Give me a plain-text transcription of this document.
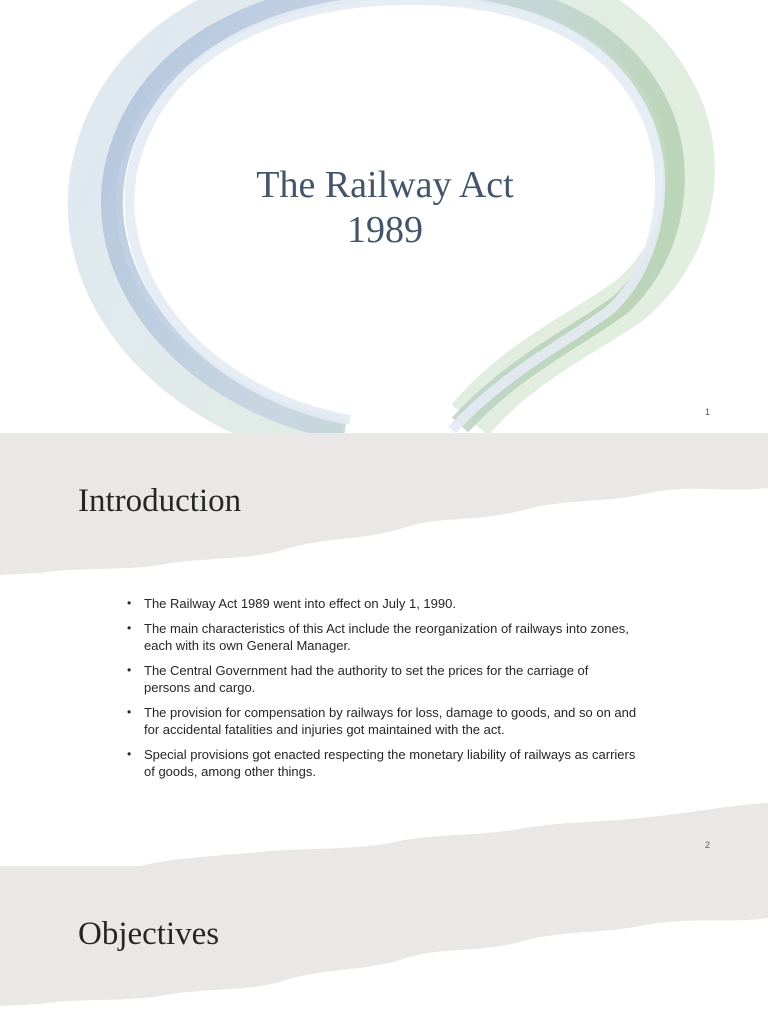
The Railway Act
1989
1
Introduction
• The Railway Act 1989 went into effect on July 1, 1990.
• The main characteristics of this Act include the reorganization of railways into zones, each with its own General Manager.
• The Central Government had the authority to set the prices for the carriage of persons and cargo.
• The provision for compensation by railways for loss, damage to goods, and so on and for accidental fatalities and injuries got maintained with the act.
• Special provisions got enacted respecting the monetary liability of railways as carriers of goods, among other things.
2
Objectives
